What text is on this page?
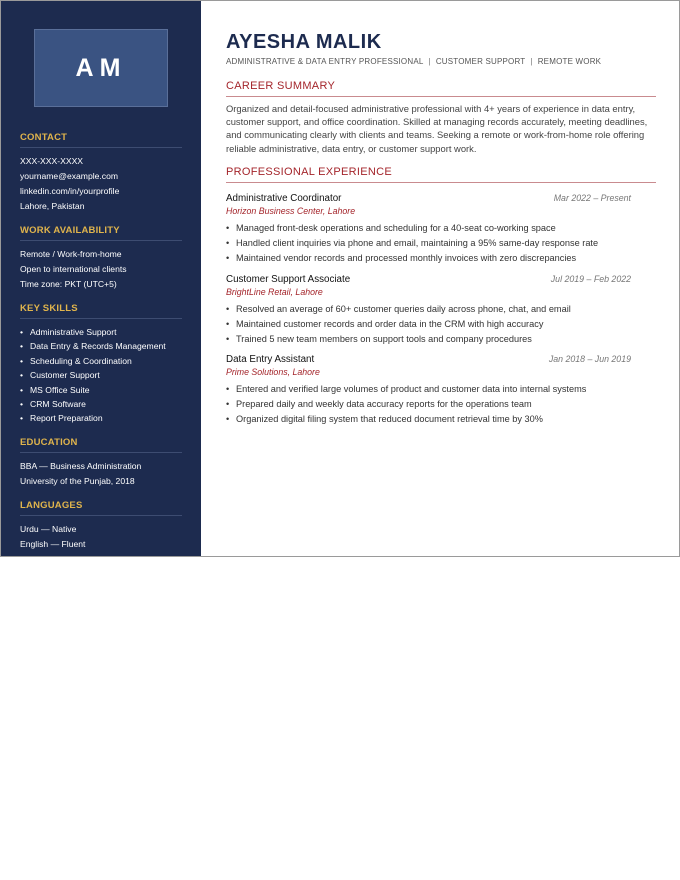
AM
CONTACT
XXX-XXX-XXXX
yourname@example.com
linkedin.com/in/yourprofile
Lahore, Pakistan
WORK AVAILABILITY
Remote / Work-from-home
Open to international clients
Time zone: PKT (UTC+5)
KEY SKILLS
• Administrative Support
• Data Entry & Records Management
• Scheduling & Coordination
• Customer Support
• MS Office Suite
• CRM Software
• Report Preparation
EDUCATION
BBA — Business Administration
University of the Punjab, 2018
LANGUAGES
Urdu — Native
English — Fluent
AYESHA MALIK
ADMINISTRATIVE & DATA ENTRY PROFESSIONAL | CUSTOMER SUPPORT | REMOTE WORK
CAREER SUMMARY
Organized and detail-focused administrative professional with 4+ years of experience in data entry, customer support, and office coordination. Skilled at managing records accurately, meeting deadlines, and communicating clearly with clients and teams. Seeking a remote or work-from-home role offering reliable administrative, data entry, or customer support work.
PROFESSIONAL EXPERIENCE
Administrative Coordinator	Mar 2022 – Present
Horizon Business Center, Lahore
• Managed front-desk operations and scheduling for a 40-seat co-working space
• Handled client inquiries via phone and email, maintaining a 95% same-day response rate
• Maintained vendor records and processed monthly invoices with zero discrepancies
Customer Support Associate	Jul 2019 – Feb 2022
BrightLine Retail, Lahore
• Resolved an average of 60+ customer queries daily across phone, chat, and email
• Maintained customer records and order data in the CRM with high accuracy
• Trained 5 new team members on support tools and company procedures
Data Entry Assistant	Jan 2018 – Jun 2019
Prime Solutions, Lahore
• Entered and verified large volumes of product and customer data into internal systems
• Prepared daily and weekly data accuracy reports for the operations team
• Organized digital filing system that reduced document retrieval time by 30%
